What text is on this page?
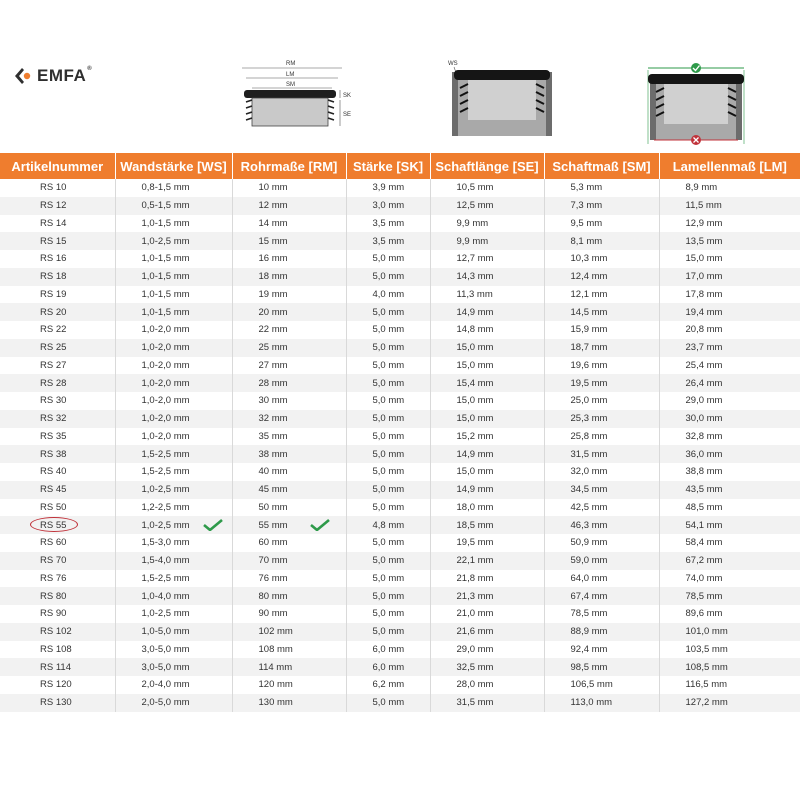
EMFA®
RM
LM
SM
SK
SE
WS
Artikelnummer	Wandstärke [WS]	Rohrmaße [RM]	Stärke [SK]	Schaftlänge [SE]	Schaftmaß [SM]	Lamellenmaß [LM]
RS 10	0,8-1,5 mm	10 mm	3,9 mm	10,5 mm	5,3 mm	8,9 mm
RS 12	0,5-1,5 mm	12 mm	3,0 mm	12,5 mm	7,3 mm	11,5 mm
RS 14	1,0-1,5 mm	14 mm	3,5 mm	9,9 mm	9,5 mm	12,9 mm
RS 15	1,0-2,5 mm	15 mm	3,5 mm	9,9 mm	8,1 mm	13,5 mm
RS 16	1,0-1,5 mm	16 mm	5,0 mm	12,7 mm	10,3 mm	15,0 mm
RS 18	1,0-1,5 mm	18 mm	5,0 mm	14,3 mm	12,4 mm	17,0 mm
RS 19	1,0-1,5 mm	19 mm	4,0 mm	11,3 mm	12,1 mm	17,8 mm
RS 20	1,0-1,5 mm	20 mm	5,0 mm	14,9 mm	14,5 mm	19,4 mm
RS 22	1,0-2,0 mm	22 mm	5,0 mm	14,8 mm	15,9 mm	20,8 mm
RS 25	1,0-2,0 mm	25 mm	5,0 mm	15,0 mm	18,7 mm	23,7 mm
RS 27	1,0-2,0 mm	27 mm	5,0 mm	15,0 mm	19,6 mm	25,4 mm
RS 28	1,0-2,0 mm	28 mm	5,0 mm	15,4 mm	19,5 mm	26,4 mm
RS 30	1,0-2,0 mm	30 mm	5,0 mm	15,0 mm	25,0 mm	29,0 mm
RS 32	1,0-2,0 mm	32 mm	5,0 mm	15,0 mm	25,3 mm	30,0 mm
RS 35	1,0-2,0 mm	35 mm	5,0 mm	15,2 mm	25,8 mm	32,8 mm
RS 38	1,5-2,5 mm	38 mm	5,0 mm	14,9 mm	31,5 mm	36,0 mm
RS 40	1,5-2,5 mm	40 mm	5,0 mm	15,0 mm	32,0 mm	38,8 mm
RS 45	1,0-2,5 mm	45 mm	5,0 mm	14,9 mm	34,5 mm	43,5 mm
RS 50	1,2-2,5 mm	50 mm	5,0 mm	18,0 mm	42,5 mm	48,5 mm
RS 55	1,0-2,5 mm	55 mm	4,8 mm	18,5 mm	46,3 mm	54,1 mm
RS 60	1,5-3,0 mm	60 mm	5,0 mm	19,5 mm	50,9 mm	58,4 mm
RS 70	1,5-4,0 mm	70 mm	5,0 mm	22,1 mm	59,0 mm	67,2 mm
RS 76	1,5-2,5 mm	76 mm	5,0 mm	21,8 mm	64,0 mm	74,0 mm
RS 80	1,0-4,0 mm	80 mm	5,0 mm	21,3 mm	67,4 mm	78,5 mm
RS 90	1,0-2,5 mm	90 mm	5,0 mm	21,0 mm	78,5 mm	89,6 mm
RS 102	1,0-5,0 mm	102 mm	5,0 mm	21,6 mm	88,9 mm	101,0 mm
RS 108	3,0-5,0 mm	108 mm	6,0 mm	29,0 mm	92,4 mm	103,5 mm
RS 114	3,0-5,0 mm	114 mm	6,0 mm	32,5 mm	98,5 mm	108,5 mm
RS 120	2,0-4,0 mm	120 mm	6,2 mm	28,0 mm	106,5 mm	116,5 mm
RS 130	2,0-5,0 mm	130 mm	5,0 mm	31,5 mm	113,0 mm	127,2 mm
